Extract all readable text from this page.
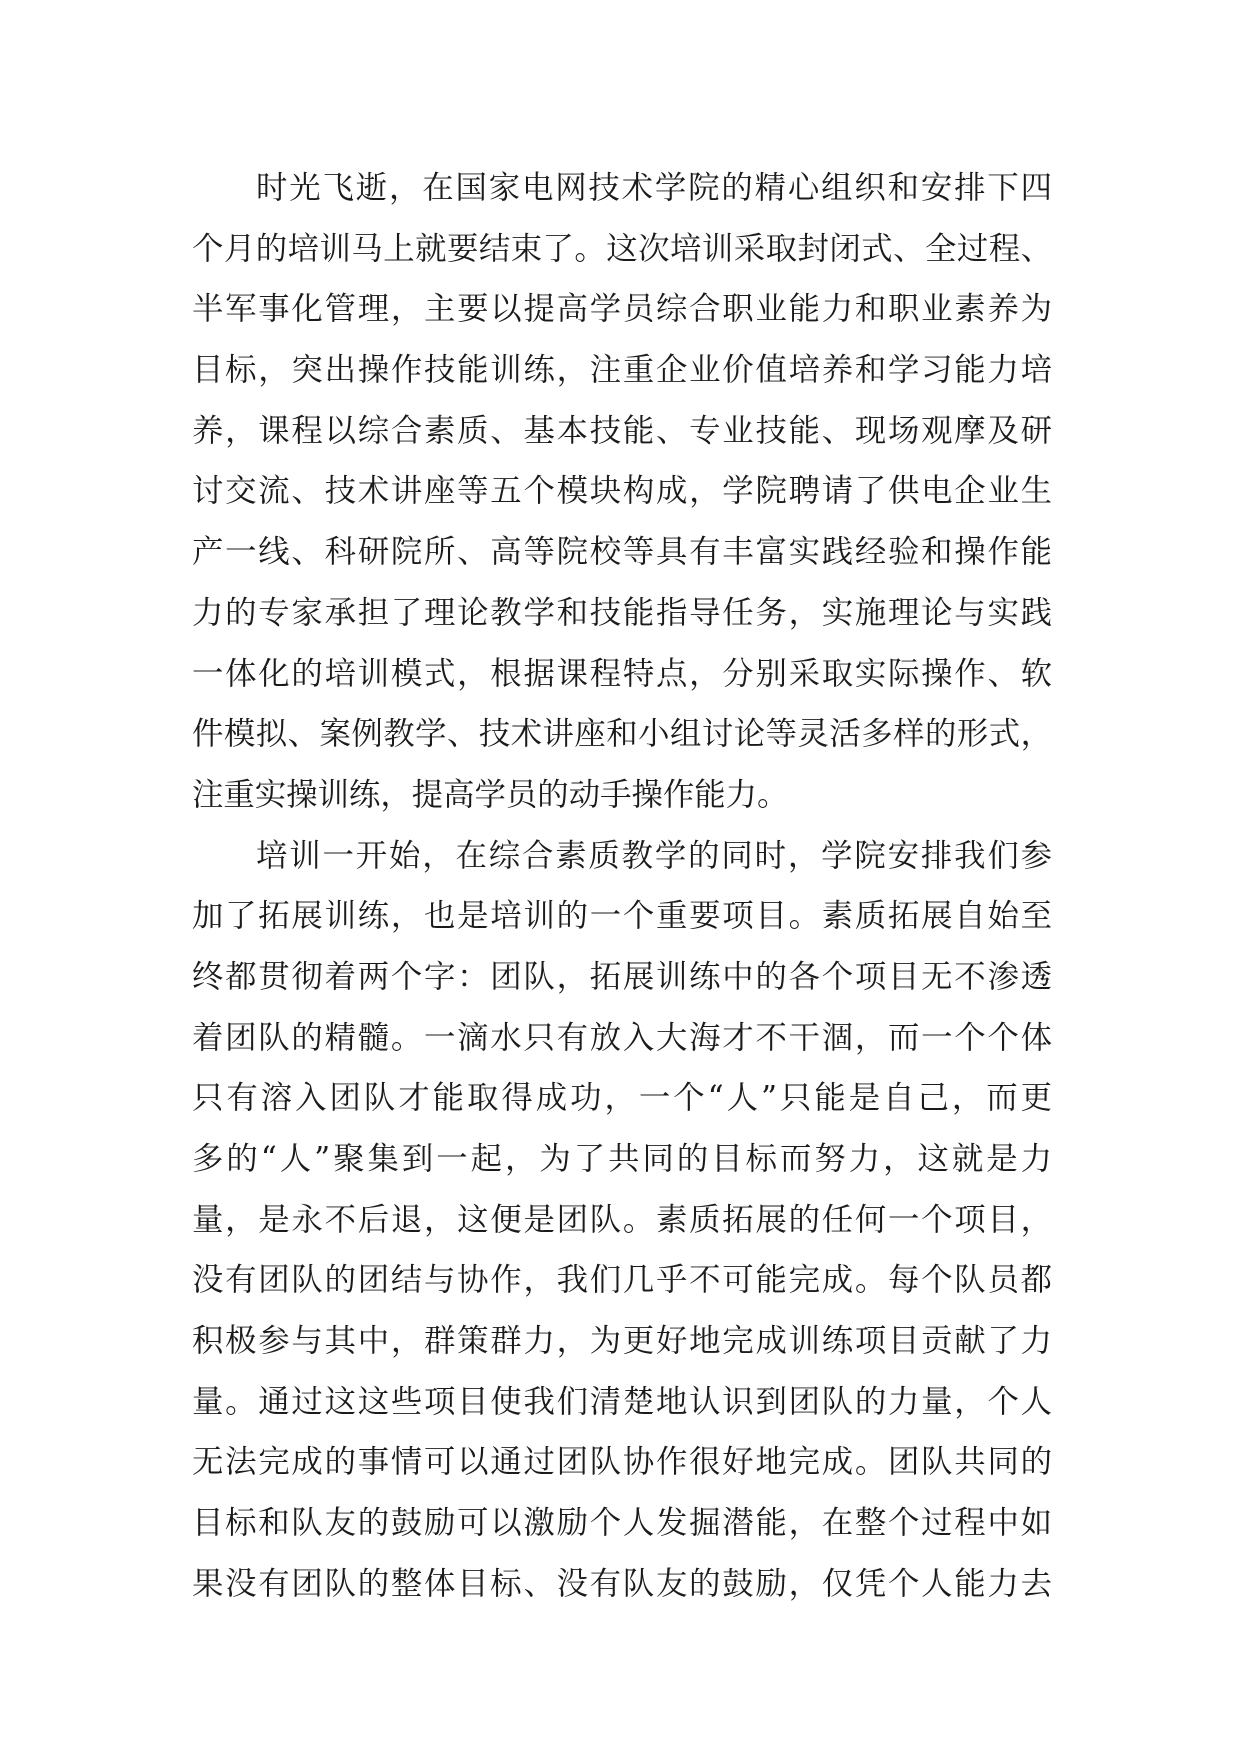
时光飞逝，在国家电网技术学院的精心组织和安排下四
个月的培训马上就要结束了。这次培训采取封闭式、全过程、
半军事化管理，主要以提高学员综合职业能力和职业素养为
目标，突出操作技能训练，注重企业价值培养和学习能力培
养，课程以综合素质、基本技能、专业技能、现场观摩及研
讨交流、技术讲座等五个模块构成，学院聘请了供电企业生
产一线、科研院所、高等院校等具有丰富实践经验和操作能
力的专家承担了理论教学和技能指导任务，实施理论与实践
一体化的培训模式，根据课程特点，分别采取实际操作、软
件模拟、案例教学、技术讲座和小组讨论等灵活多样的形式，
注重实操训练，提高学员的动手操作能力。
培训一开始，在综合素质教学的同时，学院安排我们参
加了拓展训练，也是培训的一个重要项目。素质拓展自始至
终都贯彻着两个字：团队，拓展训练中的各个项目无不渗透
着团队的精髓。一滴水只有放入大海才不干涸，而一个个体
只有溶入团队才能取得成功，一个“人”只能是自己，而更
多的“人”聚集到一起，为了共同的目标而努力，这就是力
量，是永不后退，这便是团队。素质拓展的任何一个项目，
没有团队的团结与协作，我们几乎不可能完成。每个队员都
积极参与其中，群策群力，为更好地完成训练项目贡献了力
量。通过这这些项目使我们清楚地认识到团队的力量，个人
无法完成的事情可以通过团队协作很好地完成。团队共同的
目标和队友的鼓励可以激励个人发掘潜能，在整个过程中如
果没有团队的整体目标、没有队友的鼓励，仅凭个人能力去
